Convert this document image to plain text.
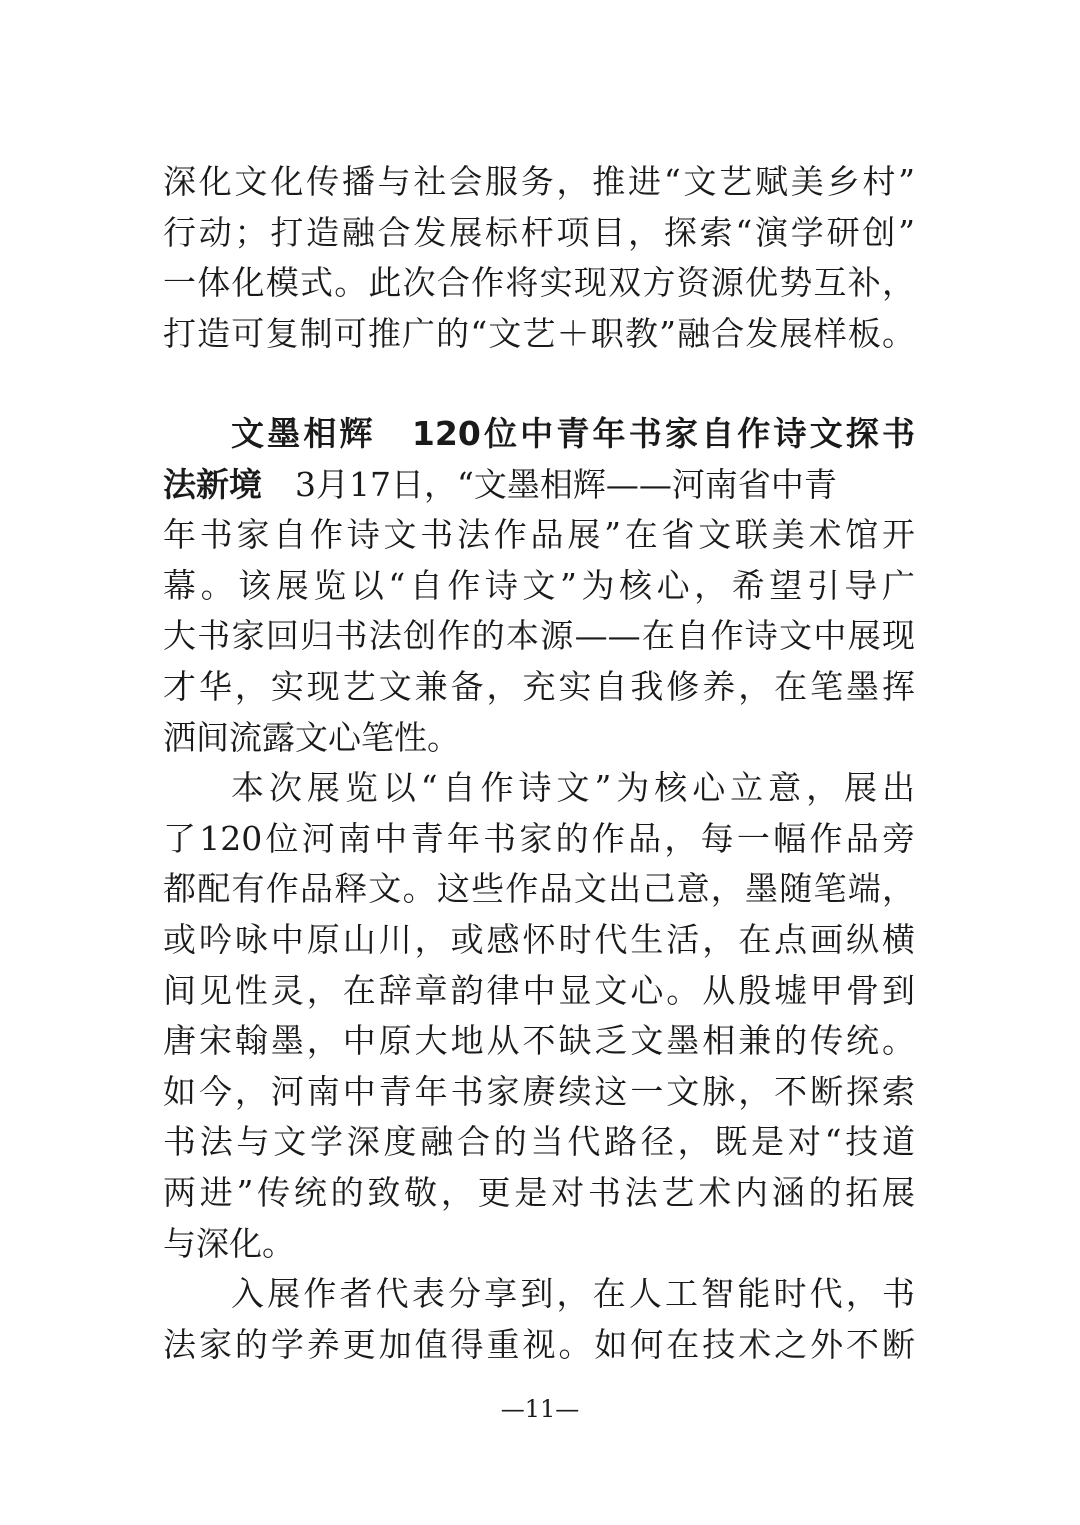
深化文化传播与社会服务，推进“文艺赋美乡村”
行动；打造融合发展标杆项目，探索“演学研创”
一体化模式。此次合作将实现双方资源优势互补，
打造可复制可推广的“文艺＋职教”融合发展样板。
文墨相辉　120位中青年书家自作诗文探书
法新境　3月17日，“文墨相辉——河南省中青
年书家自作诗文书法作品展”在省文联美术馆开
幕。该展览以“自作诗文”为核心，希望引导广
大书家回归书法创作的本源——在自作诗文中展现
才华，实现艺文兼备，充实自我修养，在笔墨挥
洒间流露文心笔性。
本次展览以“自作诗文”为核心立意，展出
了120位河南中青年书家的作品，每一幅作品旁
都配有作品释文。这些作品文出己意，墨随笔端，
或吟咏中原山川，或感怀时代生活，在点画纵横
间见性灵，在辞章韵律中显文心。从殷墟甲骨到
唐宋翰墨，中原大地从不缺乏文墨相兼的传统。
如今，河南中青年书家赓续这一文脉，不断探索
书法与文学深度融合的当代路径，既是对“技道
两进”传统的致敬，更是对书法艺术内涵的拓展
与深化。
入展作者代表分享到，在人工智能时代，书
法家的学养更加值得重视。如何在技术之外不断
—11—
